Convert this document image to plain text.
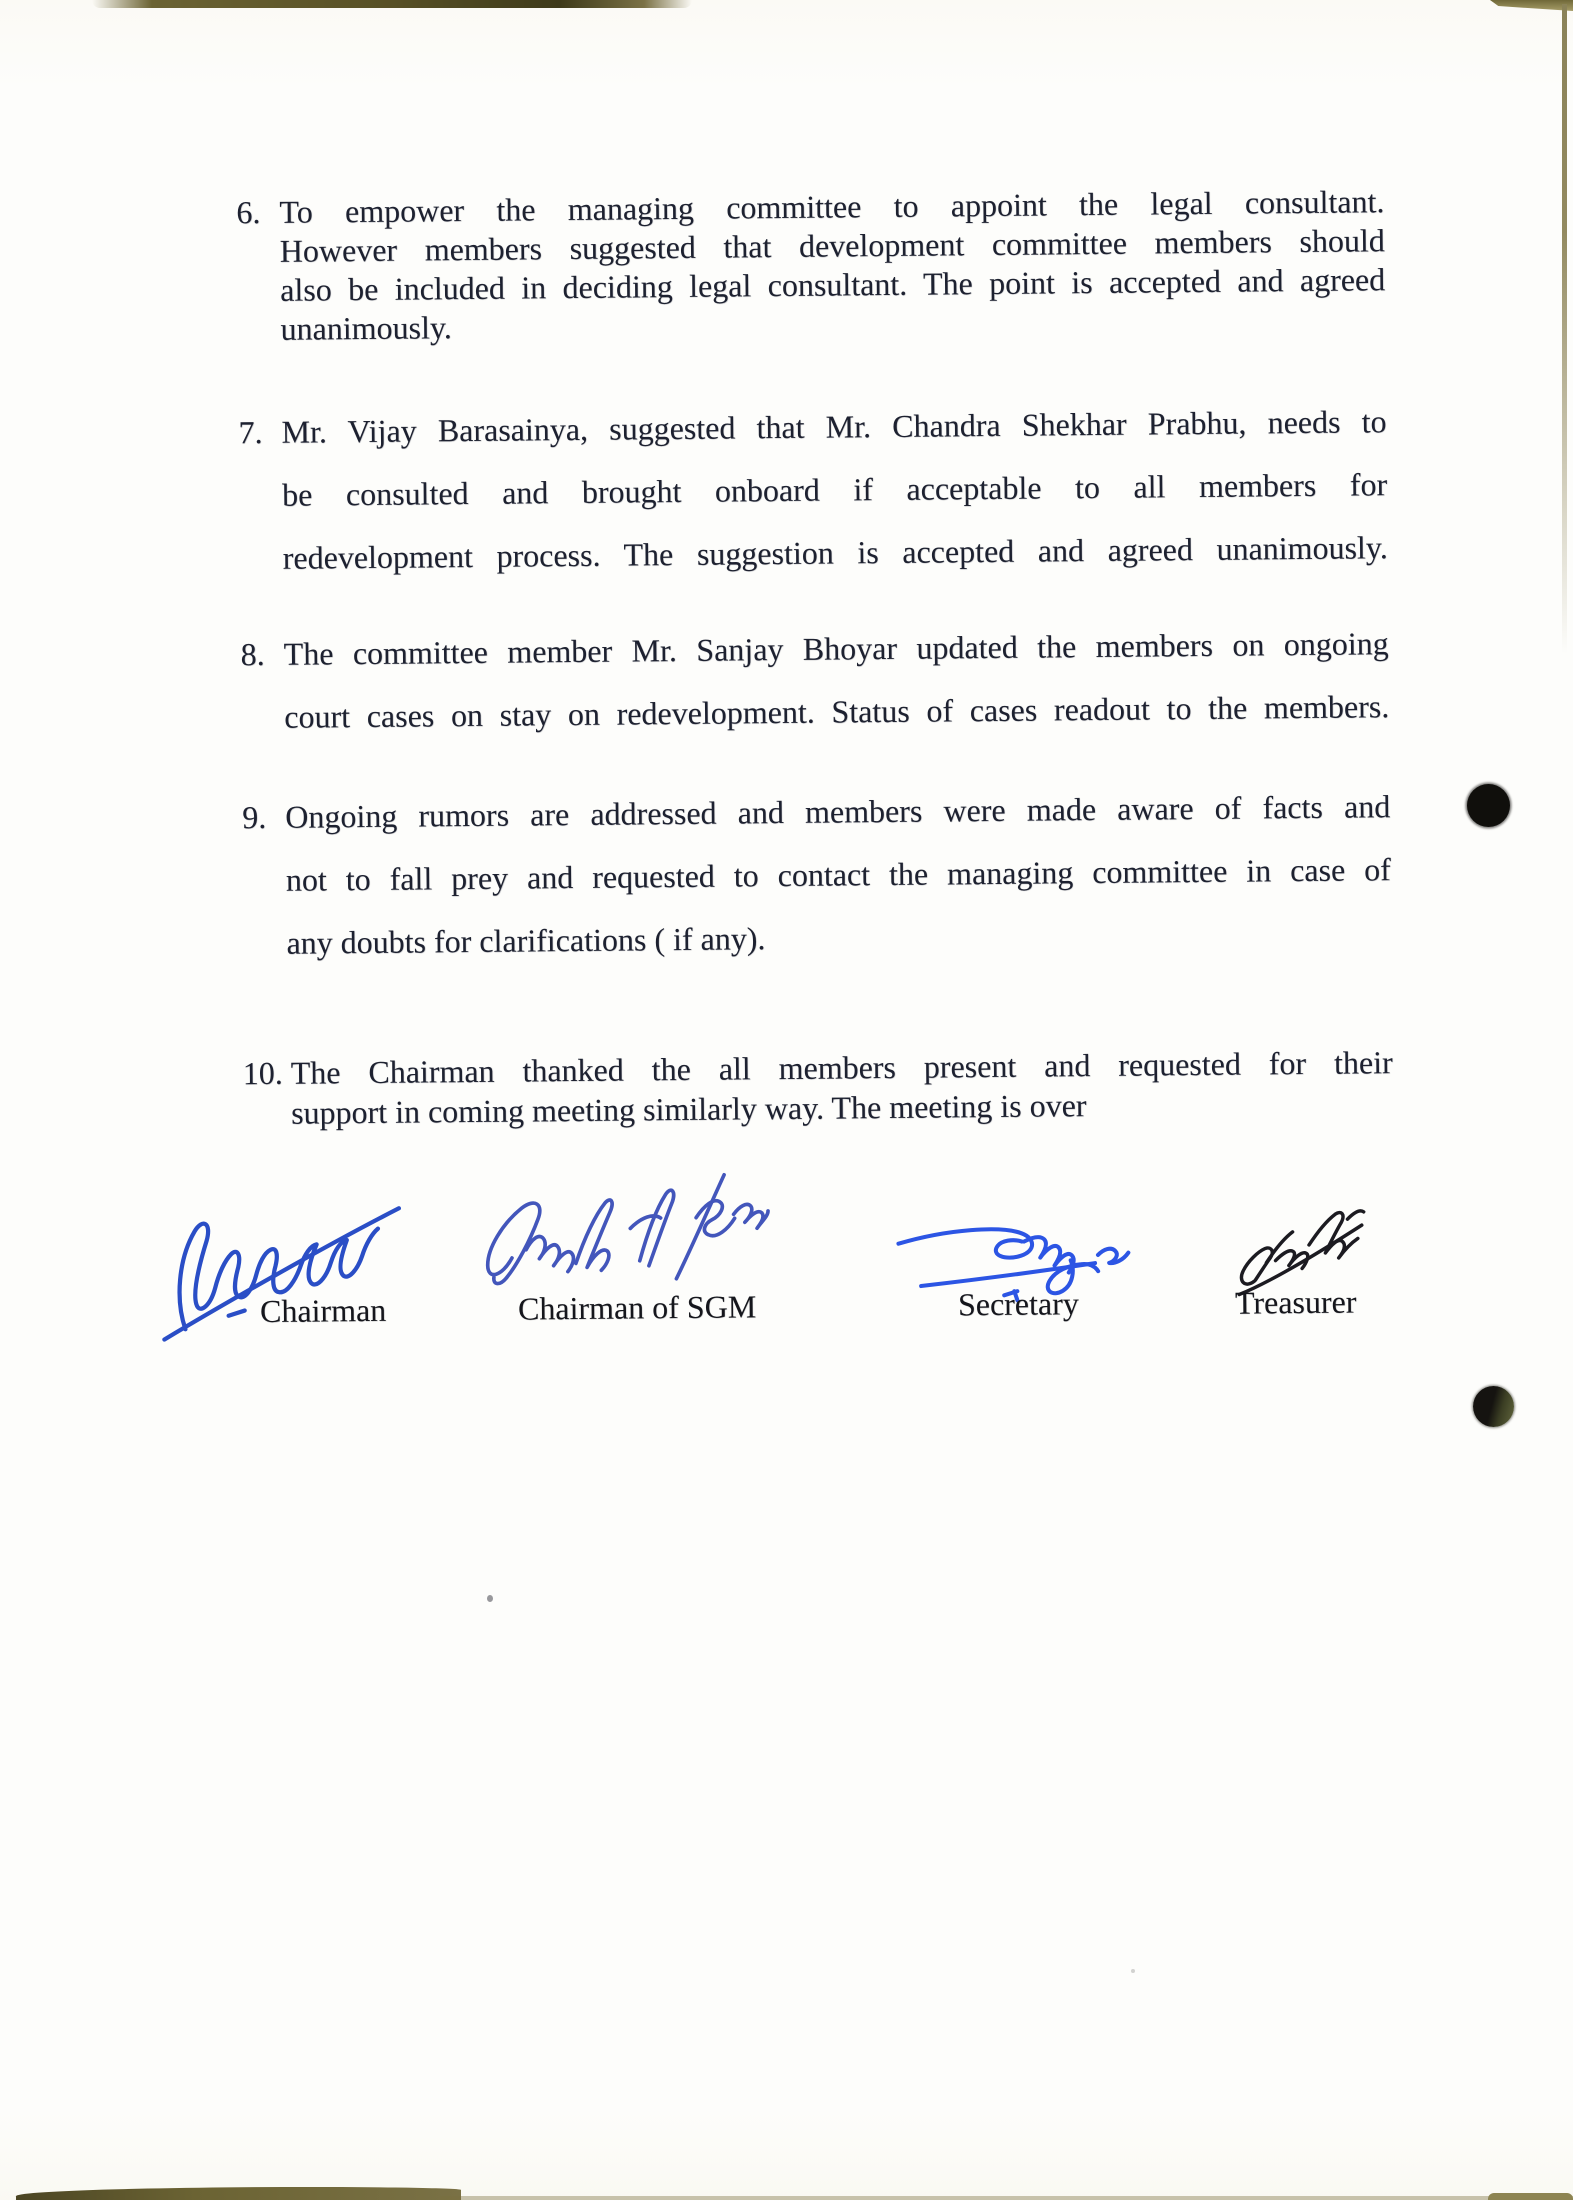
6. To empower the managing committee to appoint the legal consultant.
However members suggested that development committee members should
also be included in deciding legal consultant. The point is accepted and agreed
unanimously.
7. Mr. Vijay Barasainya, suggested that Mr. Chandra Shekhar Prabhu, needs to
be consulted and brought onboard if acceptable to all members for
redevelopment process. The suggestion is accepted and agreed unanimously.
8. The committee member Mr. Sanjay Bhoyar updated the members on ongoing
court cases on stay on redevelopment. Status of cases readout to the members.
9. Ongoing rumors are addressed and members were made aware of facts and
not to fall prey and requested to contact the managing committee in case of
any doubts for clarifications ( if any).
10. The Chairman thanked the all members present and requested for their
support in coming meeting similarly way. The meeting is over
Chairman	Chairman of SGM	Secretary	Treasurer
